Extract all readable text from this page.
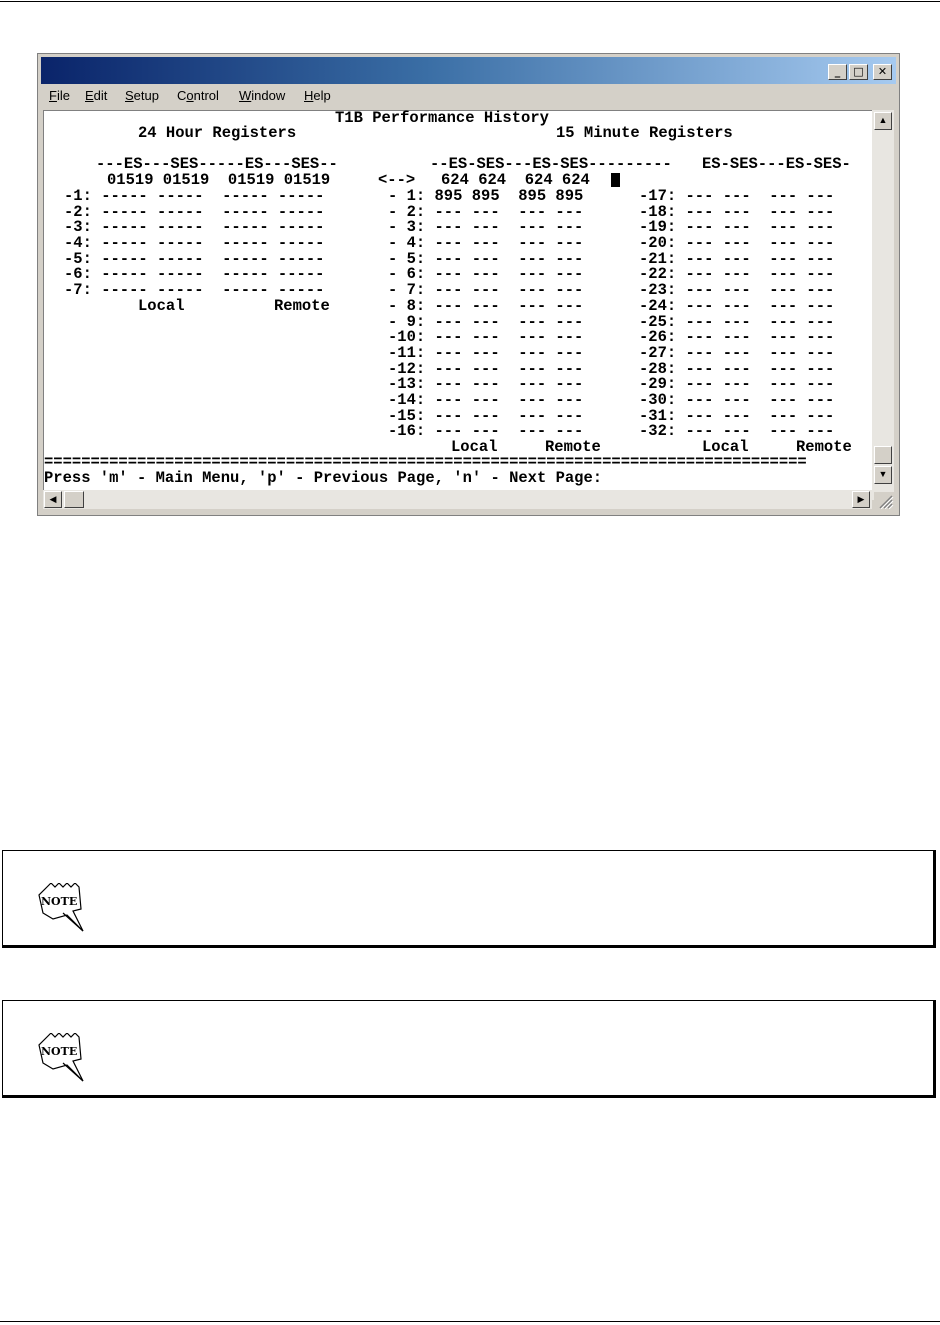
_	□	✕
File Edit Setup Control Window Help
T1B Performance History
24 Hour Registers	15 Minute Registers
---ES---SES-----ES---SES--	--ES-SES---ES-SES--------- ES-SES---ES-SES-
01519 01519  01519 01519	<--> 624 624  624 624
-1: ----- -----  ----- -----
-2: ----- -----  ----- -----
-3: ----- -----  ----- -----
-4: ----- -----  ----- -----
-5: ----- -----  ----- -----
-6: ----- -----  ----- -----
-7: ----- -----  ----- -----
Local	Remote
- 1: 895 895  895 895
- 2: --- ---  --- ---
- 3: --- ---  --- ---
- 4: --- ---  --- ---
- 5: --- ---  --- ---
- 6: --- ---  --- ---
- 7: --- ---  --- ---
- 8: --- ---  --- ---
- 9: --- ---  --- ---
-10: --- ---  --- ---
-11: --- ---  --- ---
-12: --- ---  --- ---
-13: --- ---  --- ---
-14: --- ---  --- ---
-15: --- ---  --- ---
-16: --- ---  --- ---
Local	Remote
-17: --- ---  --- ---
-18: --- ---  --- ---
-19: --- ---  --- ---
-20: --- ---  --- ---
-21: --- ---  --- ---
-22: --- ---  --- ---
-23: --- ---  --- ---
-24: --- ---  --- ---
-25: --- ---  --- ---
-26: --- ---  --- ---
-27: --- ---  --- ---
-28: --- ---  --- ---
-29: --- ---  --- ---
-30: --- ---  --- ---
-31: --- ---  --- ---
-32: --- ---  --- ---
Local	Remote
==================================================================================
Press 'm' - Main Menu, 'p' - Previous Page, 'n' - Next Page:
▲
▼
◀	▶
NOTE
NOTE
